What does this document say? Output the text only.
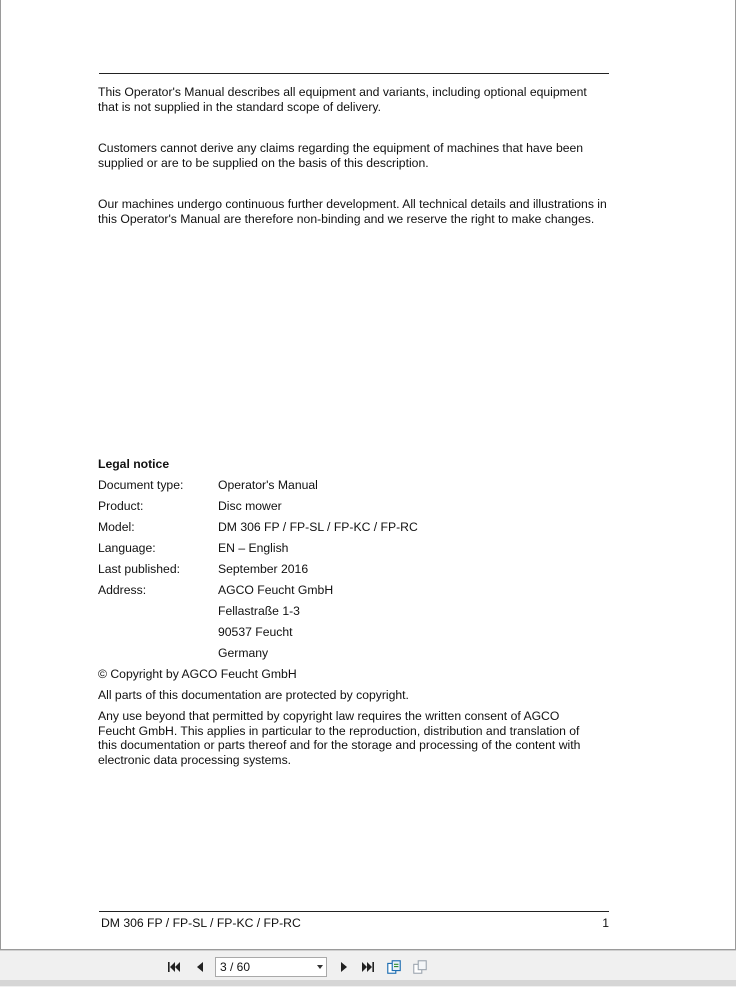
This Operator's Manual describes all equipment and variants, including optional equipment that is not supplied in the standard scope of delivery.

Customers cannot derive any claims regarding the equipment of machines that have been supplied or are to be supplied on the basis of this description.

Our machines undergo continuous further development. All technical details and illustrations in this Operator's Manual are therefore non-binding and we reserve the right to make changes.

Legal notice

Document type:	Operator's Manual
Product:	Disc mower
Model:	DM 306 FP / FP-SL / FP-KC / FP-RC
Language:	EN – English
Last published:	September 2016
Address:	AGCO Feucht GmbH
Fellastraße 1-3
90537 Feucht
Germany

© Copyright by AGCO Feucht GmbH

All parts of this documentation are protected by copyright.

Any use beyond that permitted by copyright law requires the written consent of AGCO Feucht GmbH. This applies in particular to the reproduction, distribution and translation of this documentation or parts thereof and for the storage and processing of the content with electronic data processing systems.

DM 306 FP / FP-SL / FP-KC / FP-RC	1
3 / 60
